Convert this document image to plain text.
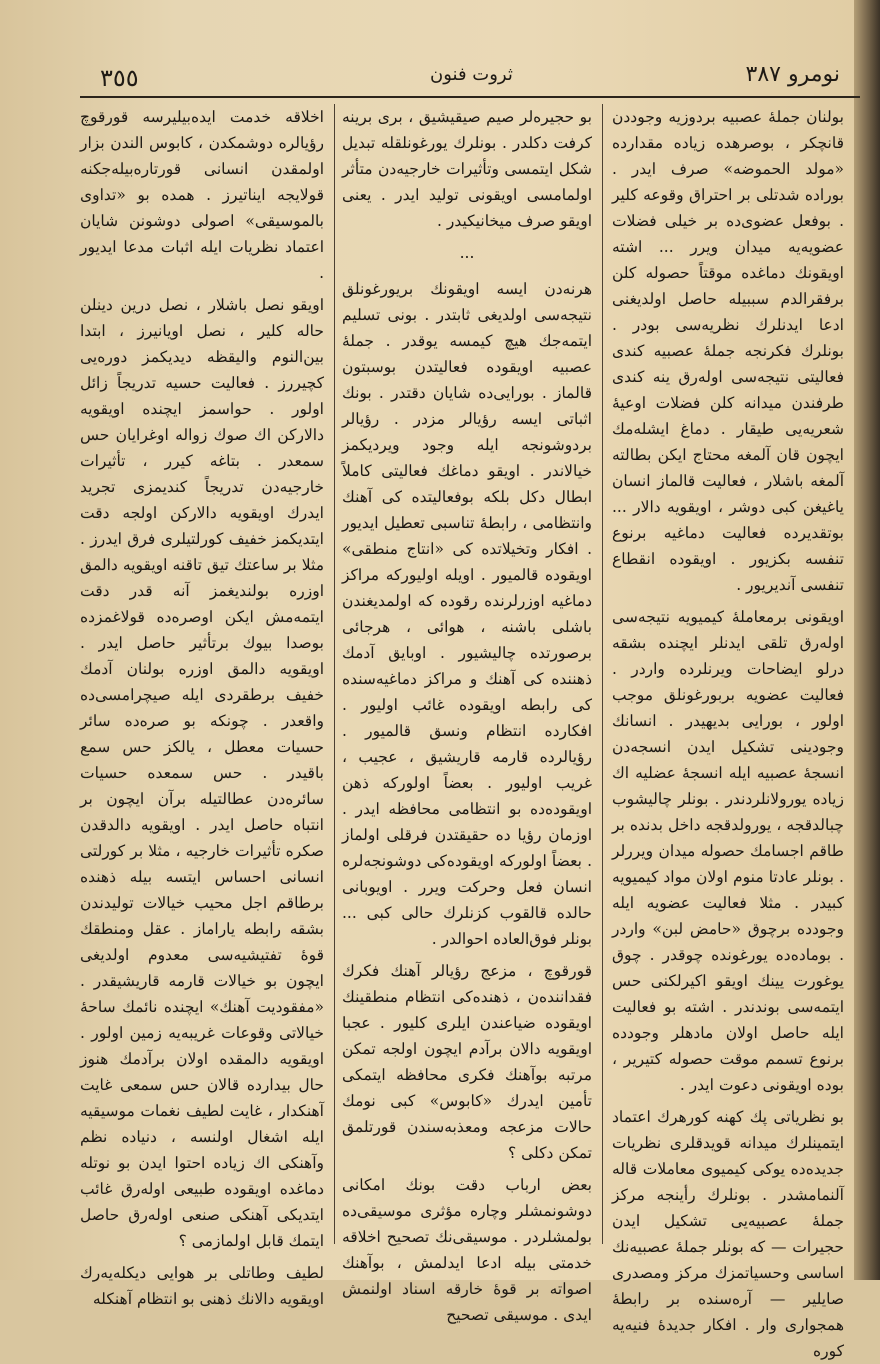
٣٥٥	ثروت فنون	نومرو ٣٨٧

بولنان جملهٔ عصبیه بردوزیه وجوددن قانچکر ، بوصرهده زیاده مقدارده «مولد الحموضه» صرف ایدر . بوراده شدتلی بر احتراق وقوعه کلیر . بوفعل عضوی‌ده بر خیلی فضلات عضویه‌یه میدان ویرر ... اشته اویقونك دماغده موقتاً حصوله کلن برفقرالدم سببیله حاصل اولدیغنی ادعا ایدنلرك نظریه‌سی بودر . بونلرك فکرنجه جملهٔ عصبیه کندی فعالیتی نتیجه‌سی اوله‌رق ینه کندی طرفندن میدانه کلن فضلات اوعیهٔ شعریه‌یی طیقار . دماغ ایشله‌مك ایچون قان آلمغه محتاج ایکن بطالته آلمغه باشلار ، فعالیت قالماز انسان یاغیغن کبی دوشر ، اویقویه دالار ... بوتقدیرده فعالیت دماغیه برنوع تنفسه بکزیور . اویقوده انقطاع تنفسی آندیریور .

اویقونی برمعاملهٔ کیمیویه نتیجه‌سی اوله‌رق تلقی ایدنلر ایچنده بشقه درلو ایضاحات ویرنلرده واردر . فعالیت عضویه بربورغونلق موجب اولور ، بورایی بدیهیدر . انسانك وجودینی تشکیل ایدن انسجه‌دن انسجهٔ عصبیه ایله انسجهٔ عضلیه اك زیاده یورولانلردندر . بونلر چالیشوب چبالدقجه ، یورولدقجه داخل بدنده بر طاقم اجسامك حصوله میدان ویررلر . بونلر عادتا منوم اولان مواد کیمیویه کبیدر . مثلا فعالیت عضویه ایله وجودده برچوق «حامض لبن» واردر . بوماده‌ده یورغونده چوقدر . چوق یوغورت یینك اویقو اکیرلکنی حس ایتمه‌سی بوندندر . اشته بو فعالیت ایله حاصل اولان مادهلر وجودده برنوع تسمم موقت حصوله کتیریر ، بوده اویقونی دعوت ایدر .

بو نظریاتی پك کهنه کورهرك اعتماد ایتمینلرك میدانه قویدقلری نظریات جدیده‌ده یوکی کیمیوی معاملات قاله آلنمامشدر . بونلرك رأینجه مرکز جملهٔ عصبیه‌یی تشکیل ایدن حجیرات — که بونلر جملهٔ عصبیه‌نك اساسی وحسیاتمزك مرکز ومصدری صایلیر — آره‌سنده بر رابطهٔ همجواری وار . افکار جدیدهٔ فنیه‌یه کوره

بو حجیره‌لر صیم صیقیشیق ، بری برینه کرفت دکلدر . بونلرك یورغونلقله تبدیل شکل ایتمسی وتأثیرات خارجیه‌دن متأثر اولمامسی اویقونی تولید ایدر . یعنی اویقو صرف میخانیکیدر .

...

هرنه‌دن ایسه اویقونك بریورغونلق نتیجه‌سی اولدیغی ثابتدر . بونی تسلیم ایتمه‌جك هیچ کیمسه یوقدر . جملهٔ عصبیه اویقوده فعالیتدن بوسبتون قالماز . بورایی‌ده شایان دقتدر . بونك اثباتی ایسه رؤیالر مزدر . رؤیالر بردوشونجه ایله وجود ویردیکمز خیالاندر . اویقو دماغك فعالیتی کاملاً ابطال دکل بلکه بوفعالیتده کی آهنك وانتظامی ، رابطهٔ تناسبی تعطیل ایدیور . افکار وتخیلاتده کی «انتاج منطقی» اویقوده قالمیور . اویله اولیورکه مراکز دماغیه اوزرلرنده رقوده که اولمدیغندن باشلی باشنه ، هوائی ، هرجائی برصورتده چالیشیور . اوبایق آدمك ذهننده کی آهنك و مراکز دماغیه‌سنده کی رابطه اویقوده غائب اولیور . افکارده انتظام ونسق قالمیور . رؤیالرده قارمه قاریشیق ، عجیب ، غریب اولیور . بعضاً اولورکه ذهن اویقوده‌ده بو انتظامی محافظه ایدر . اوزمان رؤیا ده حقیقتدن فرقلی اولماز . بعضاً اولورکه اویقوده‌کی دوشونجه‌لره انسان فعل وحرکت ویرر . اویوبانی حالده قالقوب کزنلرك حالی کبی ... بونلر فوق‌العاده احوالدر .

قورقوچ ، مزعج رؤیالر آهنك فکرك فقداننده‌ن ، ذهنده‌کی انتظام منطقینك اویقوده ضیاعندن ایلری کلیور . عجبا اویقویه دالان برآدم ایچون اولجه تمکن مرتبه بوآهنك فکری محافظه ایتمکی تأمین ایدرك «کابوس» کبی نومك حالات مزعجه ومعذبه‌سندن قورتلمق تمکن دکلی ؟

بعض ارباب دقت بونك امکانی دوشونمشلر وچاره مؤثری موسیقی‌ده بولمشلردر . موسیقی‌نك تصحیح اخلاقه خدمتی بیله ادعا ایدلمش ، بوآهنك اصواته بر قوهٔ خارقه اسناد اولنمش ایدی . موسیقی تصحیح

اخلاقه خدمت ایده‌بیلیرسه قورقوچ رؤیالره دوشمکدن ، کابوس الندن بزار اولمقدن انسانی قورتاره‌بیله‌جکنه قولایجه ایناتیرز . همده بو «تداوی بالموسیقی» اصولی دوشونن شایان اعتماد نظریات ایله اثبات مدعا ایدیور .

اویقو نصل باشلار ، نصل درین دینلن حاله کلیر ، نصل اویانیرز ، ابتدا بین‌النوم والیقظه دیدیکمز دوره‌یی کچیررز . فعالیت حسیه تدریجاً زائل اولور . حواسمز ایچنده اویقویه دالارکن اك صوك زواله اوغرایان حس سمعدر . بتاغه کیرر ، تأثیرات خارجیه‌دن تدریجاً کندیمزی تجرید ایدرك اویقویه دالارکن اولجه دقت ایتدیکمز خفیف کورلتیلری فرق ایدرز . مثلا بر ساعتك تیق تاقنه اویقویه دالمق اوزره بولندیغمز آنه قدر دقت ایتمه‌مش ایکن اوصره‌ده قولاغمزده بوصدا بیوك برتأثیر حاصل ایدر . اویقویه دالمق اوزره بولنان آدمك خفیف برطقردی ایله صیچرامسی‌ده واقعدر . چونکه بو صره‌ده سائر حسیات معطل ، یالکز حس سمع باقیدر . حس سمعده حسیات سائره‌دن عطالتیله برآن ایچون بر انتباه حاصل ایدر . اویقویه دالدقدن صکره تأثیرات خارجیه ، مثلا بر کورلتی انسانی احساس ایتسه بیله ذهنده برطاقم اجل محیب خیالات تولیدندن بشقه رابطه یاراماز . عقل ومنطقك قوهٔ تفتیشیه‌سی معدوم اولدیغی ایچون بو خیالات قارمه قاریشیقدر . «مفقودیت آهنك» ایچنده نائمك ساحهٔ خیالاتی وقوعات غریبه‌یه زمین اولور . اویقویه دالمقده اولان برآدمك هنوز حال بیدارده قالان حس سمعی غایت آهنکدار ، غایت لطیف نغمات موسیقیه ایله اشغال اولنسه ، دنیاده نظم وآهنکی اك زیاده احتوا ایدن بو نوتله دماغده اویقوده طبیعی اوله‌رق غائب ایتدیکی آهنکی صنعی اوله‌رق حاصل ایتمك قابل اولمازمی ؟

لطیف وطاتلی بر هوایی دیکله‌یه‌رك اویقویه دالانك ذهنی بو انتظام آهنکله
